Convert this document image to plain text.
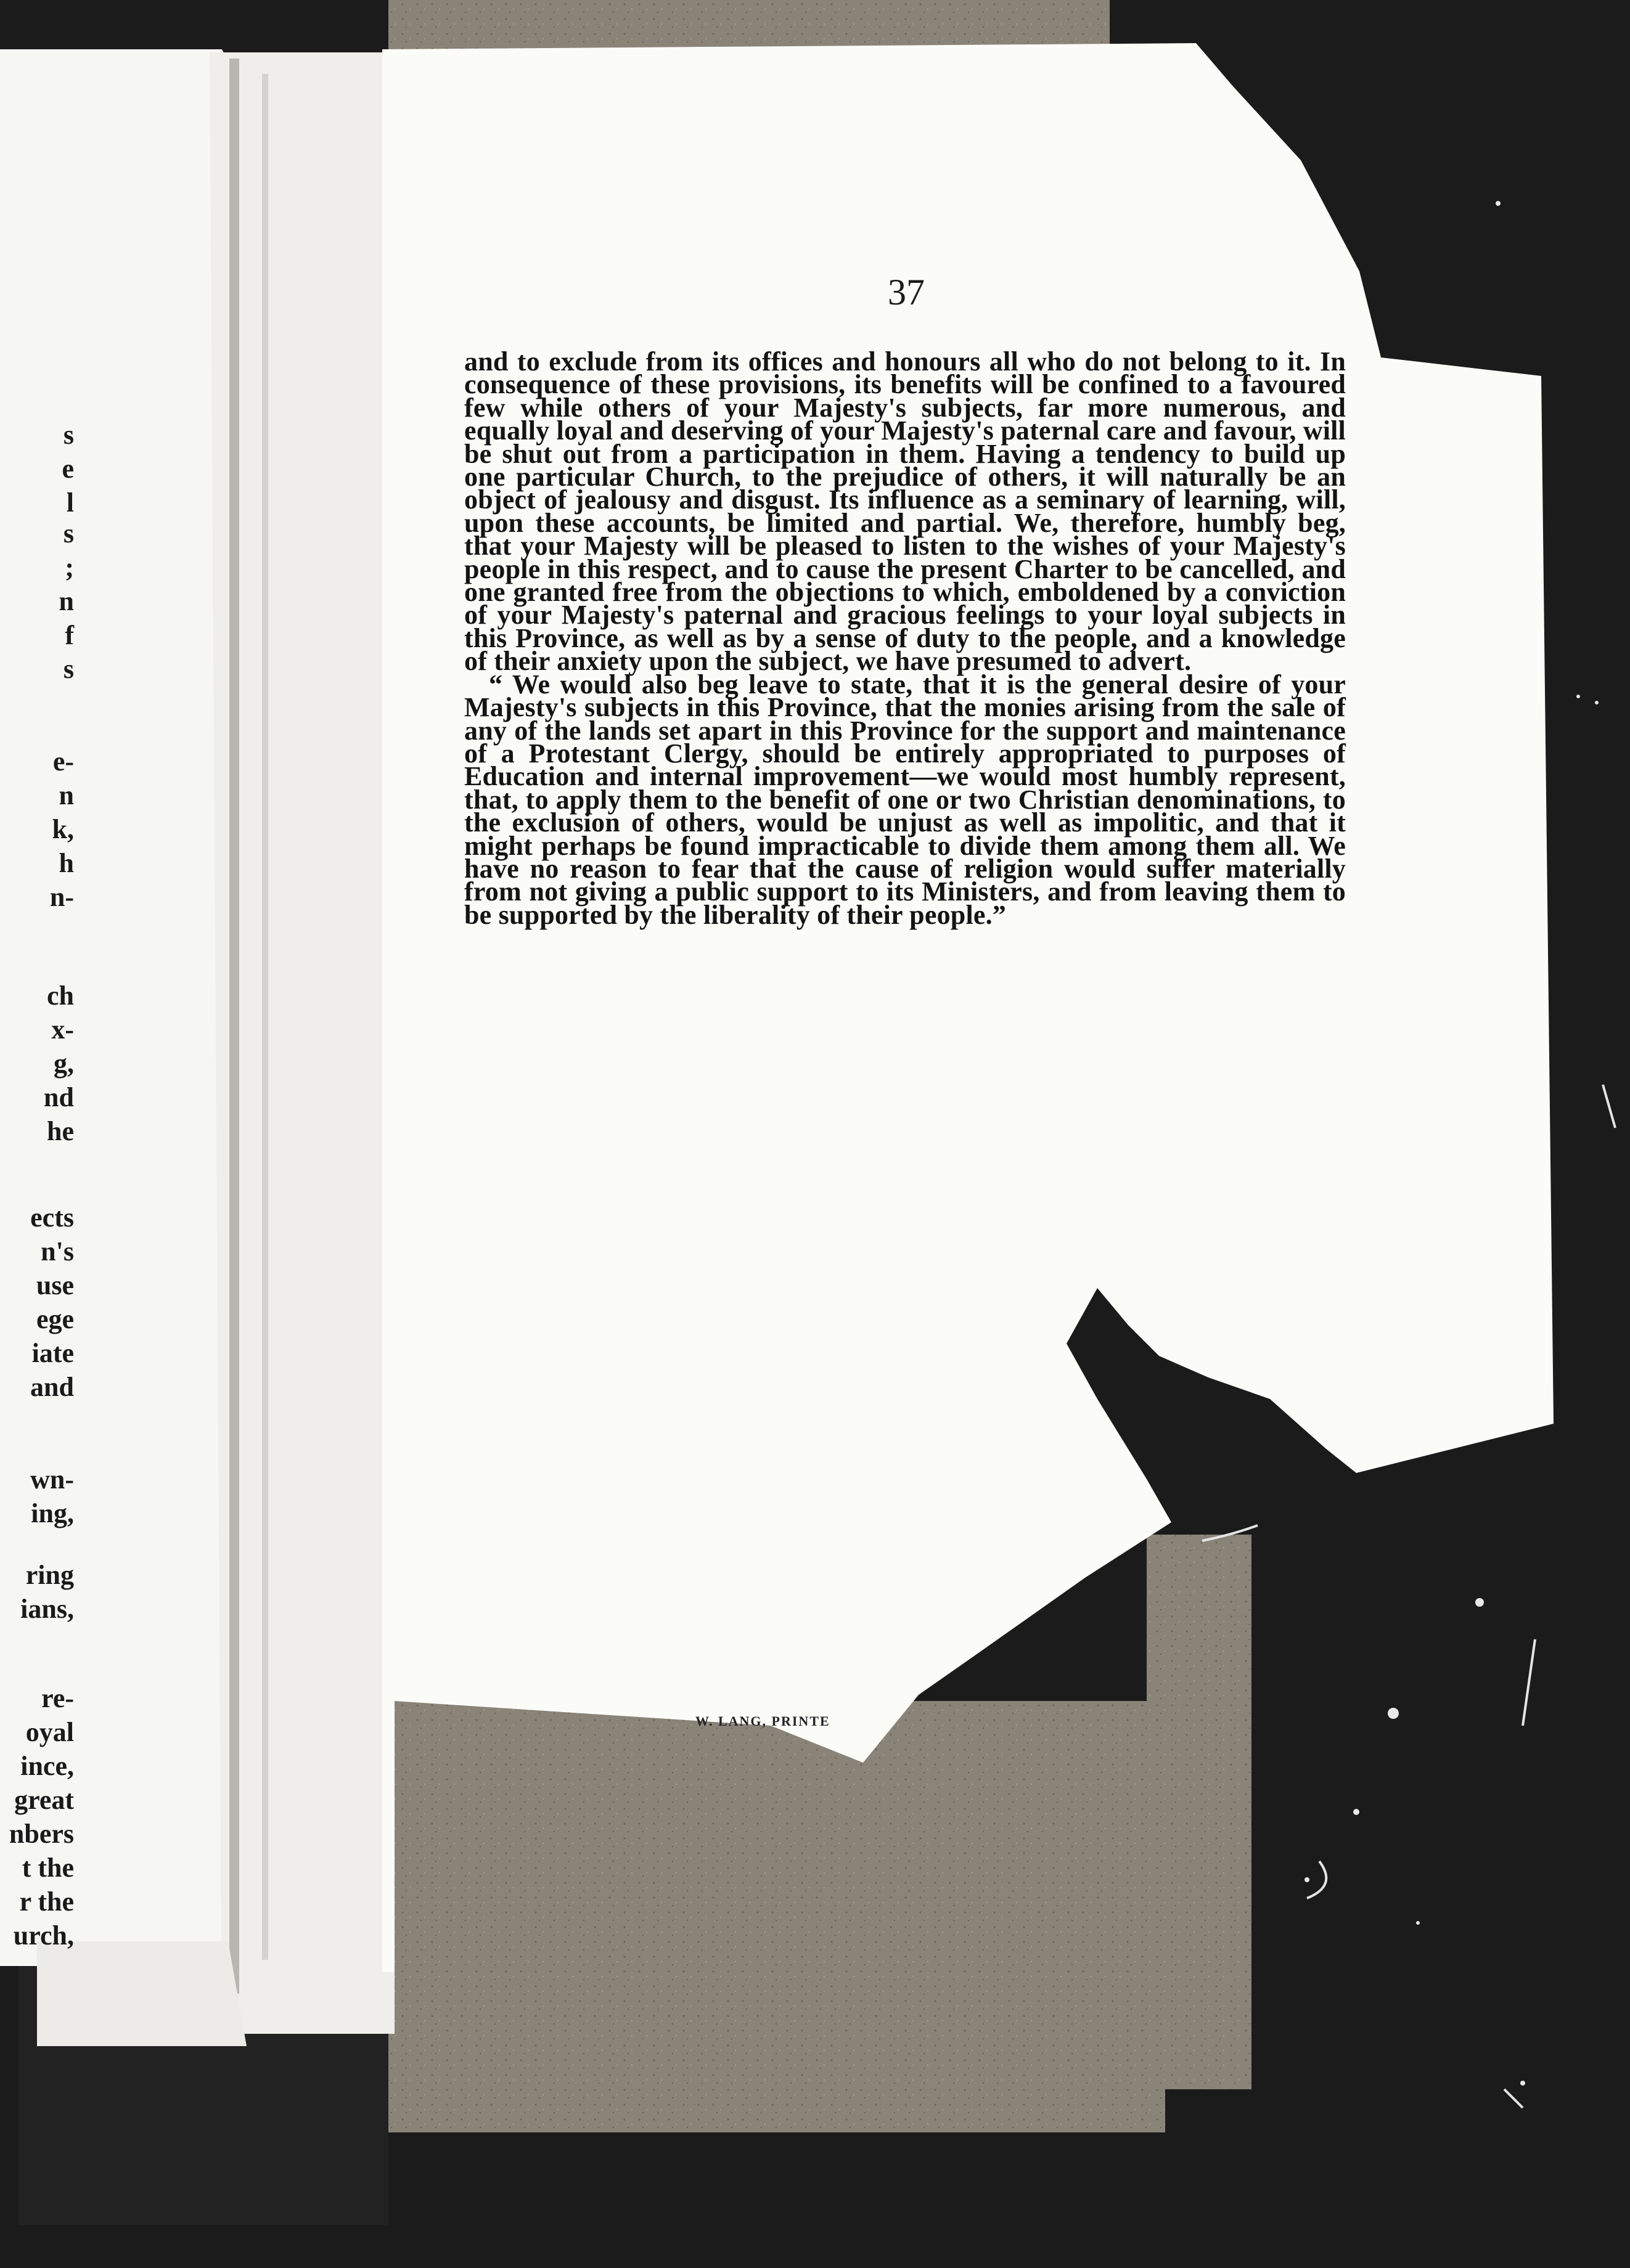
s
e
l
s
;
n
f
s
e-
n
k,
h
n-
ch
x-
g,
nd
he
ects
n's
use
ege
iate
and
wn-
ing,
ring
ians,
re-
oyal
ince,
great
nbers
t the
r the
urch,
37

and to exclude from its offices and honours all who do not belong to it. In consequence of these provisions, its benefits will be confined to a favoured few while others of your Majesty's subjects, far more numerous, and equally loyal and deserving of your Majesty's paternal care and favour, will be shut out from a participation in them. Having a tendency to build up one particular Church, to the prejudice of others, it will naturally be an object of jealousy and disgust. Its influence as a seminary of learning, will, upon these accounts, be limited and partial. We, therefore, humbly beg, that your Majesty will be pleased to listen to the wishes of your Majesty's people in this respect, and to cause the present Charter to be cancelled, and one granted free from the objections to which, emboldened by a conviction of your Majesty's paternal and gracious feelings to your loyal subjects in this Province, as well as by a sense of duty to the people, and a knowledge of their anxiety upon the subject, we have presumed to advert.

“ We would also beg leave to state, that it is the general desire of your Majesty's subjects in this Province, that the monies arising from the sale of any of the lands set apart in this Province for the support and maintenance of a Protestant Clergy, should be entirely appropriated to purposes of Education and internal improvement—we would most humbly represent, that, to apply them to the benefit of one or two Christian denominations, to the exclusion of others, would be unjust as well as impolitic, and that it might perhaps be found impracticable to divide them among them all. We have no reason to fear that the cause of religion would suffer materially from not giving a public support to its Ministers, and from leaving them to be supported by the liberality of their people.”

W. LANG, PRINTE
